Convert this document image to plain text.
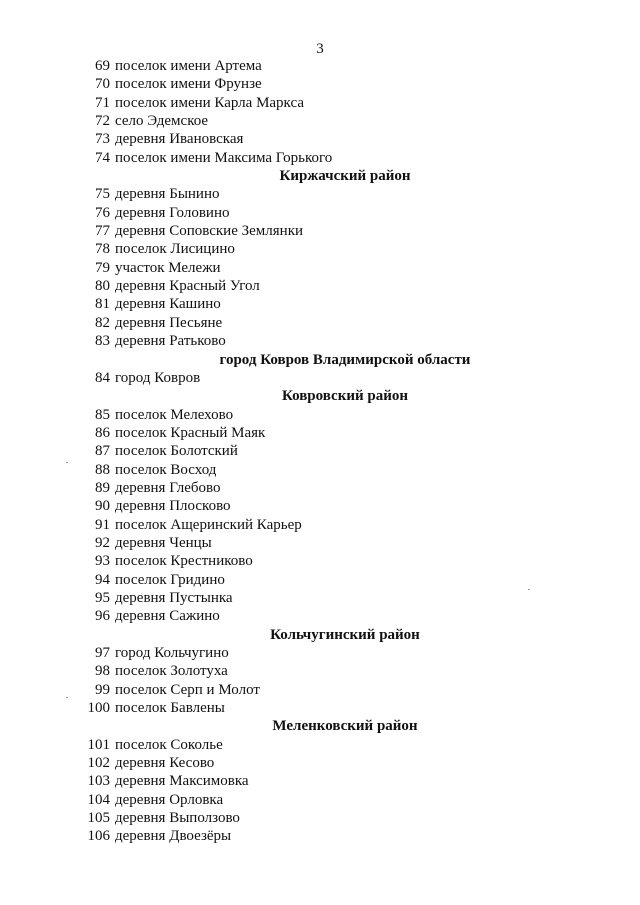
3
69 поселок имени Артема
70 поселок имени Фрунзе
71 поселок имени Карла Маркса
72 село Эдемское
73 деревня Ивановская
74 поселок имени Максима Горького
Киржачский район
75 деревня Бынино
76 деревня Головино
77 деревня Соповские Землянки
78 поселок Лисицино
79 участок Мележи
80 деревня Красный Угол
81 деревня Кашино
82 деревня Песьяне
83 деревня Ратьково
город Ковров Владимирской области
84 город Ковров
Ковровский район
85 поселок Мелехово
86 поселок Красный Маяк
87 поселок Болотский
88 поселок Восход
89 деревня Глебово
90 деревня Плосково
91 поселок Ащеринский Карьер
92 деревня Ченцы
93 поселок Крестниково
94 поселок Гридино
95 деревня Пустынка
96 деревня Сажино
Кольчугинский район
97 город Кольчугино
98 поселок Золотуха
99 поселок Серп и Молот
100 поселок Бавлены
Меленковский район
101 поселок Соколье
102 деревня Кесово
103 деревня Максимовка
104 деревня Орловка
105 деревня Выползово
106 деревня Двоезёры
